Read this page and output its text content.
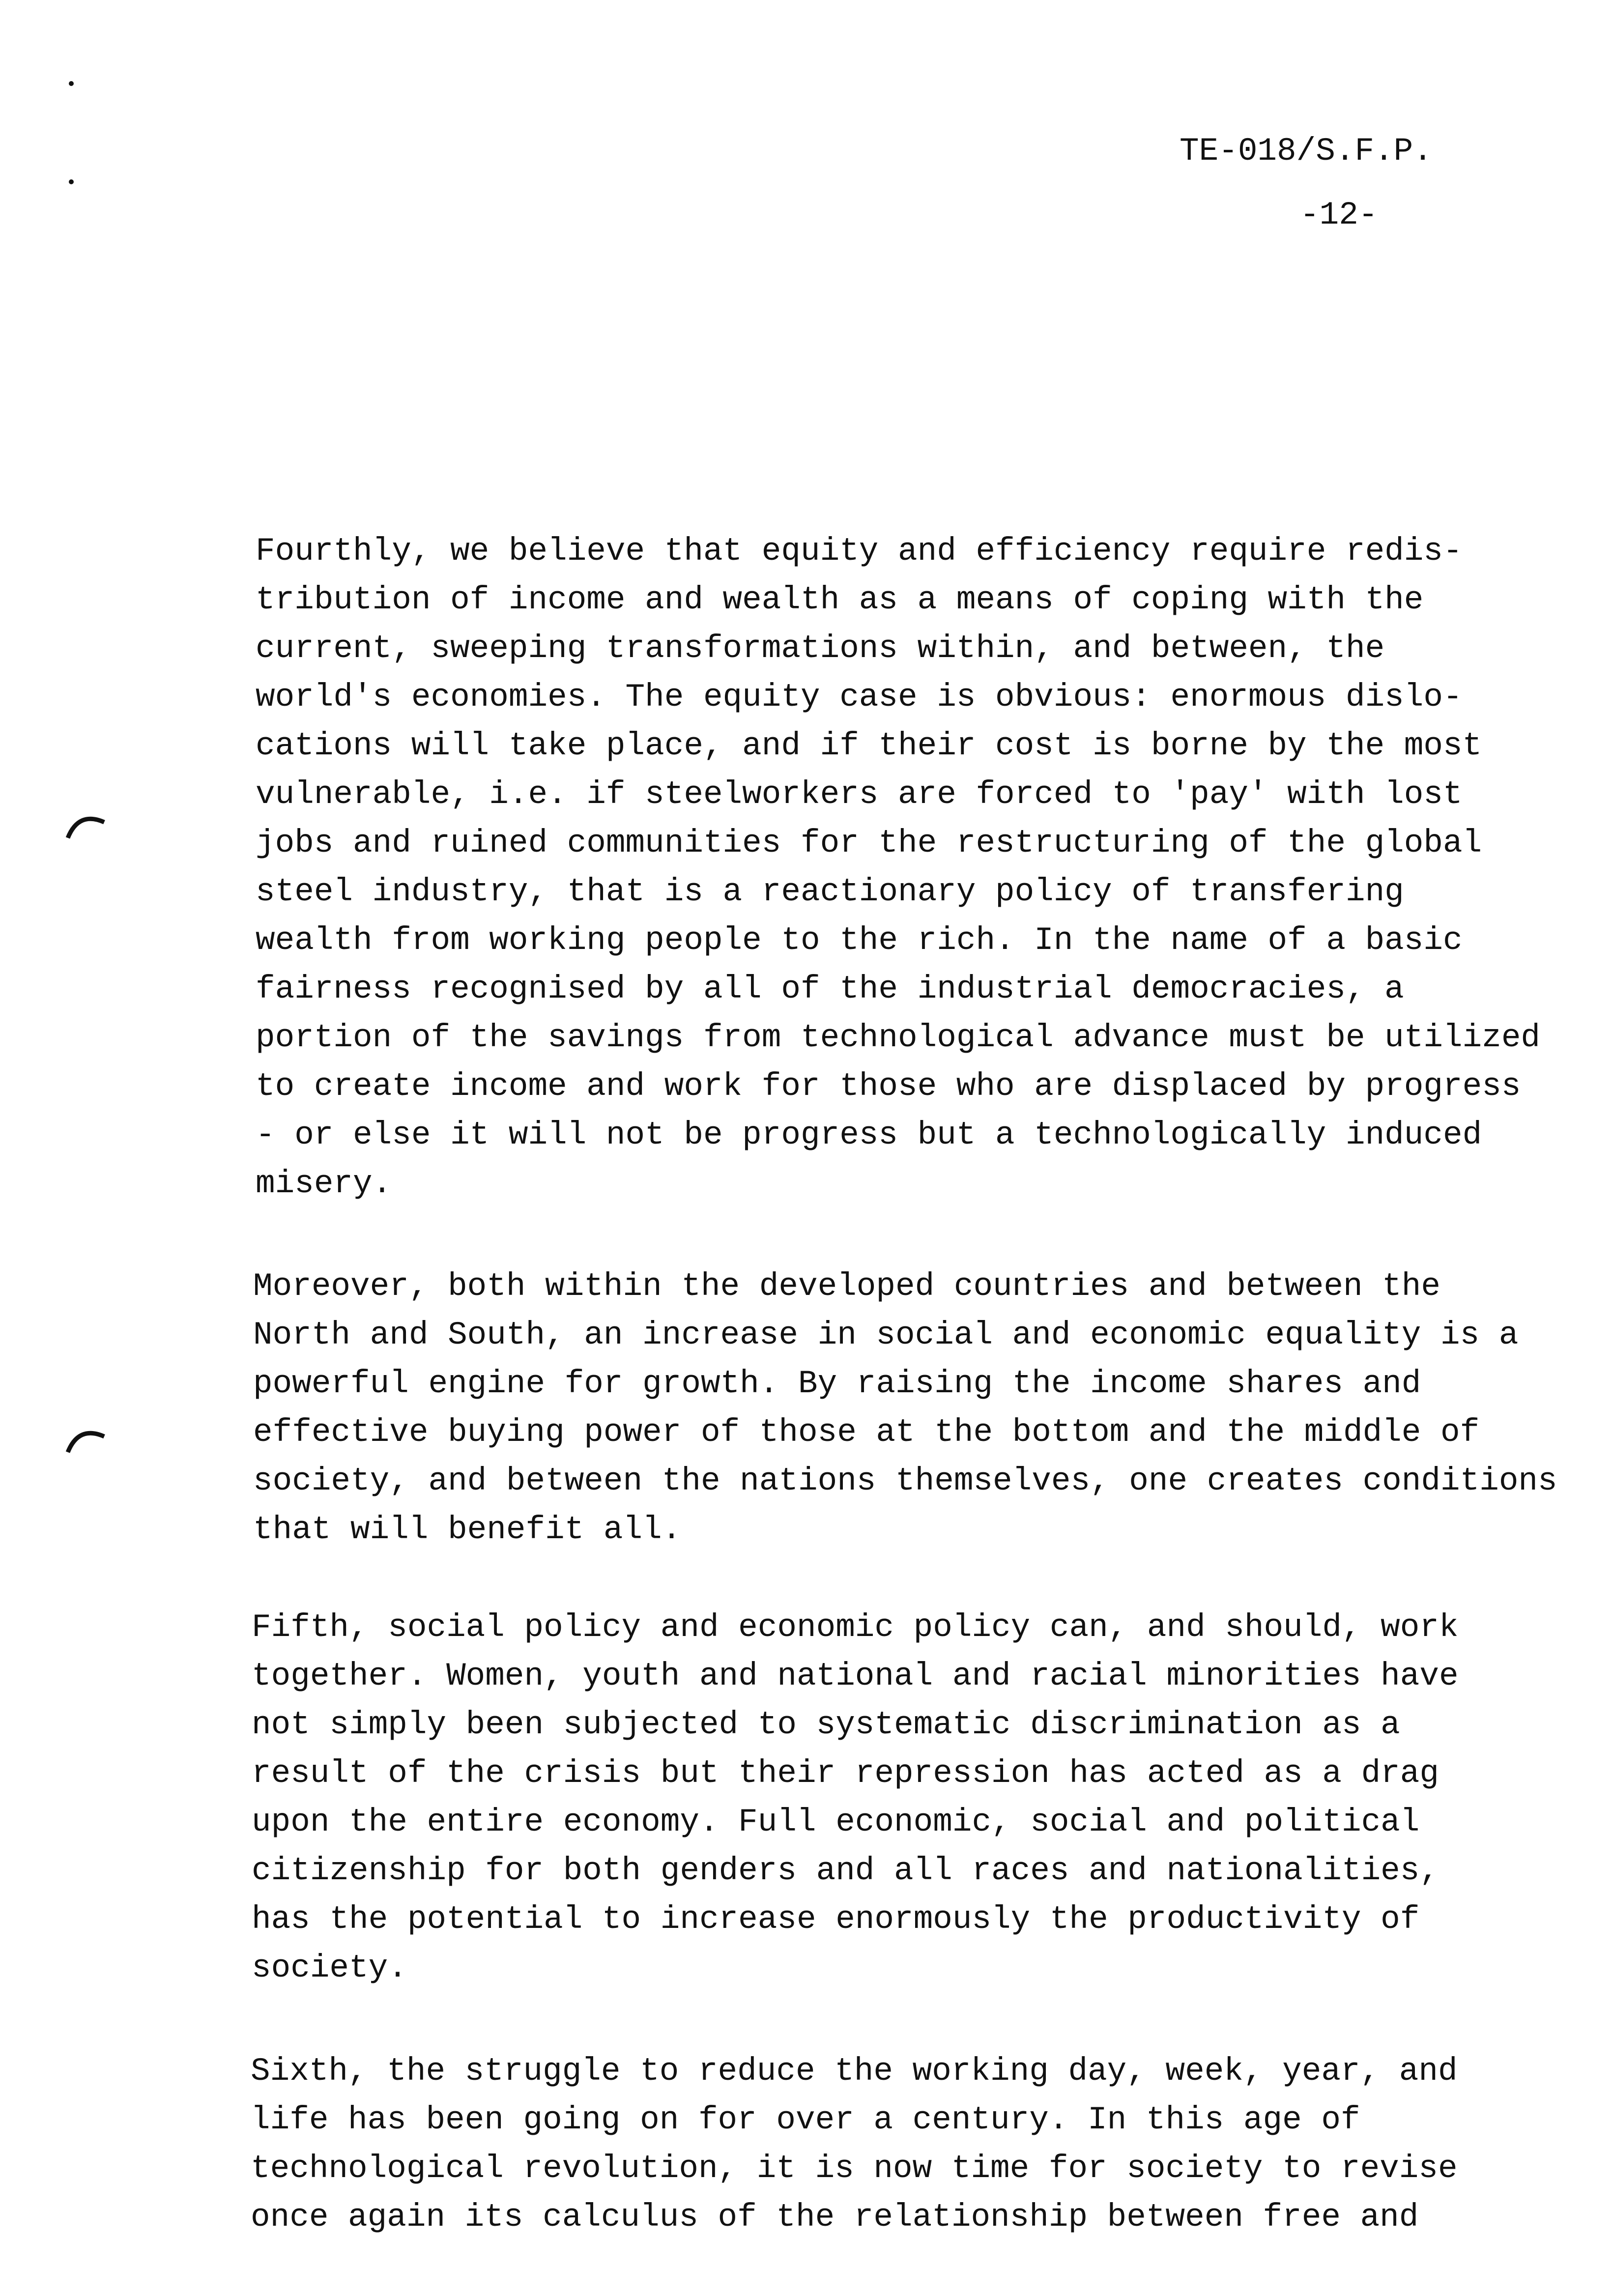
TE-018/S.F.P.
-12-
Fourthly, we believe that equity and efficiency require redis-
tribution of income and wealth as a means of coping with the
current, sweeping transformations within, and between, the
world's economies. The equity case is obvious: enormous dislo-
cations will take place, and if their cost is borne by the most
vulnerable, i.e. if steelworkers are forced to 'pay' with lost
jobs and ruined communities for the restructuring of the global
steel industry, that is a reactionary policy of transfering
wealth from working people to the rich. In the name of a basic
fairness recognised by all of the industrial democracies, a
portion of the savings from technological advance must be utilized
to create income and work for those who are displaced by progress
- or else it will not be progress but a technologically induced
misery.
Moreover, both within the developed countries and between the
North and South, an increase in social and economic equality is a
powerful engine for growth. By raising the income shares and
effective buying power of those at the bottom and the middle of
society, and between the nations themselves, one creates conditions
that will benefit all.
Fifth, social policy and economic policy can, and should, work
together. Women, youth and national and racial minorities have
not simply been subjected to systematic discrimination as a
result of the crisis but their repression has acted as a drag
upon the entire economy. Full economic, social and political
citizenship for both genders and all races and nationalities,
has the potential to increase enormously the productivity of
society.
Sixth, the struggle to reduce the working day, week, year, and
life has been going on for over a century. In this age of
technological revolution, it is now time for society to revise
once again its calculus of the relationship between free and
